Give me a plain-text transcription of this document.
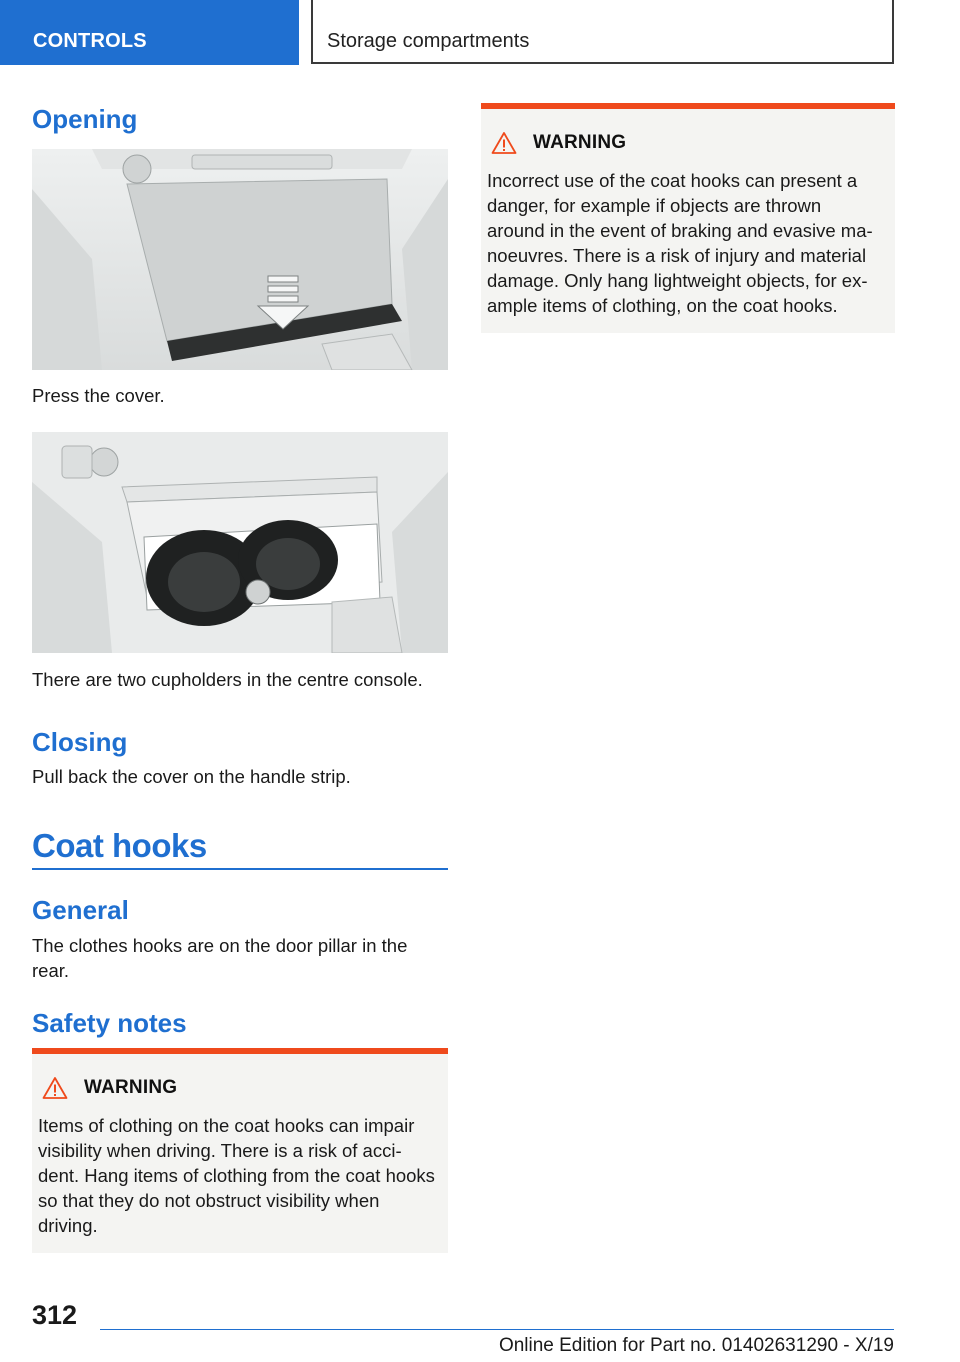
CONTROLS	Storage compartments
Opening

Press the cover.

There are two cupholders in the centre console.

Closing

Pull back the cover on the handle strip.

Coat hooks
General

The clothes hooks are on the door pillar in the rear.

Safety notes
WARNING

Items of clothing on the coat hooks can impair visibility when driving. There is a risk of accident. Hang items of clothing from the coat hooks so that they do not obstruct visibility when driving.

WARNING

Incorrect use of the coat hooks can present a danger, for example if objects are thrown around in the event of braking and evasive manoeuvres. There is a risk of injury and material damage. Only hang lightweight objects, for example items of clothing, on the coat hooks.

312
Online Edition for Part no. 01402631290 - X/19
